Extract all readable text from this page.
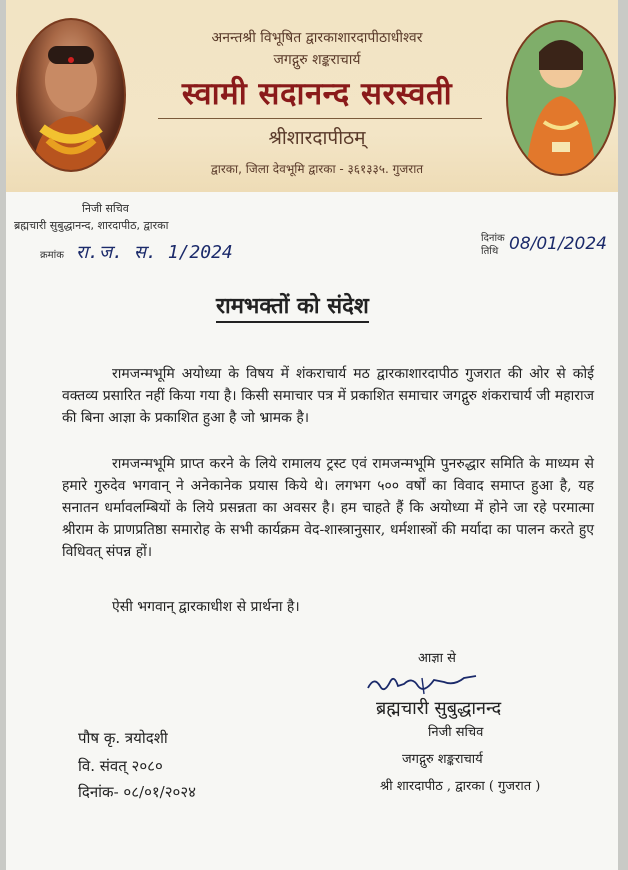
अनन्तश्री विभूषित द्वारकाशारदापीठाधीश्वर
जगद्गुरु शङ्कराचार्य
स्वामी सदानन्द सरस्वती
श्रीशारदापीठम्
द्वारका, जिला देवभूमि द्वारका - ३६१३३५. गुजरात
निजी सचिव
ब्रह्मचारी सुबुद्धानन्द, शारदापीठ, द्वारका
क्रमांक रा.ज. स. 1/2024
दिनांक
तिथि 08/01/2024
रामभक्तों को संदेश
रामजन्मभूमि अयोध्या के विषय में शंकराचार्य मठ द्वारकाशारदापीठ गुजरात की ओर से कोई वक्तव्य प्रसारित नहीं किया गया है। किसी समाचार पत्र में प्रकाशित समाचार जगद्गुरु शंकराचार्य जी महाराज की बिना आज्ञा के प्रकाशित हुआ है जो भ्रामक है।
रामजन्मभूमि प्राप्त करने के लिये रामालय ट्रस्ट एवं रामजन्मभूमि पुनरुद्धार समिति के माध्यम से हमारे गुरुदेव भगवान् ने अनेकानेक प्रयास किये थे। लगभग ५०० वर्षों का विवाद समाप्त हुआ है, यह सनातन धर्मावलम्बियों के लिये प्रसन्नता का अवसर है। हम चाहते हैं कि अयोध्या में होने जा रहे परमात्मा श्रीराम के प्राणप्रतिष्ठा समारोह के सभी कार्यक्रम वेद-शास्त्रानुसार, धर्मशास्त्रों की मर्यादा का पालन करते हुए विधिवत् संपन्न हों।
ऐसी भगवान् द्वारकाधीश से प्रार्थना है।
आज्ञा से
ब्रह्मचारी सुबुद्धानन्द
निजी सचिव
जगद्गुरु शङ्कराचार्य
श्री शारदापीठ , द्वारका ( गुजरात )
पौष कृ. त्रयोदशी
वि. संवत् २०८०
दिनांक- ०८/०१/२०२४
